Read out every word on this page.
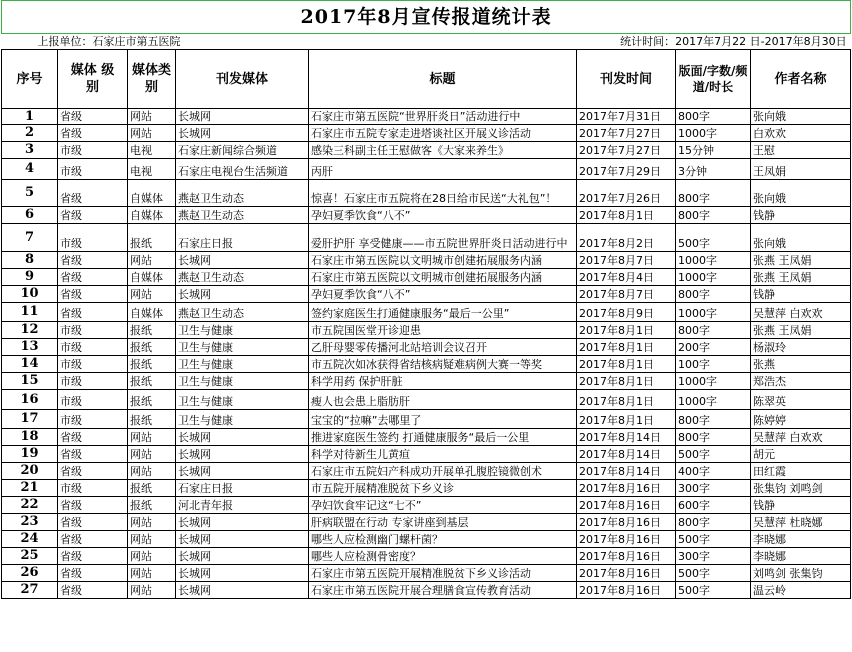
2017年8月宣传报道统计表							
上报单位：石家庄市第五医院				统计时间：2017年7月22 日-2017年8月30日			
序号	媒体 级别	媒体类别	刊发媒体	标题	刊发时间	版面/字数/频道/时长	作者名称
1	省级	网站	长城网	石家庄市第五医院“世界肝炎日”活动进行中	2017年7月31日	800字	张向娥
2	省级	网站	长城网	石家庄市五院专家走进塔谈社区开展义诊活动	2017年7月27日	1000字	白欢欢
3	市级	电视	石家庄新闻综合频道	感染三科副主任王慰做客《大家来养生》	2017年7月27日	15分钟	王慰
4	市级	电视	石家庄电视台生活频道	丙肝	2017年7月29日	3分钟	王凤娟
5	省级	自媒体	燕赵卫生动态	惊喜！石家庄市五院将在28日给市民送“大礼包”！	2017年7月26日	800字	张向娥
6	省级	自媒体	燕赵卫生动态	孕妇夏季饮食“八不”	2017年8月1日	800字	钱静
7	市级	报纸	石家庄日报	爱肝护肝 享受健康——市五院世界肝炎日活动进行中	2017年8月2日	500字	张向娥
8	省级	网站	长城网	石家庄市第五医院以文明城市创建拓展服务内涵	2017年8月7日	1000字	张燕 王凤娟
9	省级	自媒体	燕赵卫生动态	石家庄市第五医院以文明城市创建拓展服务内涵	2017年8月4日	1000字	张燕 王凤娟
10	省级	网站	长城网	孕妇夏季饮食“八不”	2017年8月7日	800字	钱静
11	省级	自媒体	燕赵卫生动态	签约家庭医生打通健康服务“最后一公里”	2017年8月9日	1000字	吴慧萍 白欢欢
12	市级	报纸	卫生与健康	市五院国医堂开诊迎患	2017年8月1日	800字	张燕 王凤娟
13	市级	报纸	卫生与健康	乙肝母婴零传播河北站培训会议召开	2017年8月1日	200字	杨淑玲
14	市级	报纸	卫生与健康	市五院次如冰获得省结核病疑难病例大赛一等奖	2017年8月1日	100字	张燕
15	市级	报纸	卫生与健康	科学用药 保护肝脏	2017年8月1日	1000字	郑浩杰
16	市级	报纸	卫生与健康	瘦人也会患上脂肪肝	2017年8月1日	1000字	陈翠英
17	市级	报纸	卫生与健康	宝宝的“拉嘛”去哪里了	2017年8月1日	800字	陈婷婷
18	省级	网站	长城网	推进家庭医生签约 打通健康服务“最后一公里	2017年8月14日	800字	吴慧萍 白欢欢
19	省级	网站	长城网	科学对待新生儿黄疸	2017年8月14日	500字	胡元
20	省级	网站	长城网	石家庄市五院妇产科成功开展单孔腹腔镜微创术	2017年8月14日	400字	田红霞
21	市级	报纸	石家庄日报	市五院开展精准脱贫下乡义诊	2017年8月16日	300字	张集钧 刘鸣剑
22	省级	报纸	河北青年报	孕妇饮食牢记这“七不”	2017年8月16日	600字	钱静
23	省级	网站	长城网	肝病联盟在行动 专家讲座到基层	2017年8月16日	800字	吴慧萍 杜晓娜
24	省级	网站	长城网	哪些人应检测幽门螺杆菌？	2017年8月16日	500字	李晓娜
25	省级	网站	长城网	哪些人应检测骨密度？	2017年8月16日	300字	李晓娜
26	省级	网站	长城网	石家庄市第五医院开展精准脱贫下乡义诊活动	2017年8月16日	500字	刘鸣剑 张集钧
27	省级	网站	长城网	石家庄市第五医院开展合理膳食宣传教育活动	2017年8月16日	500字	温云岭
